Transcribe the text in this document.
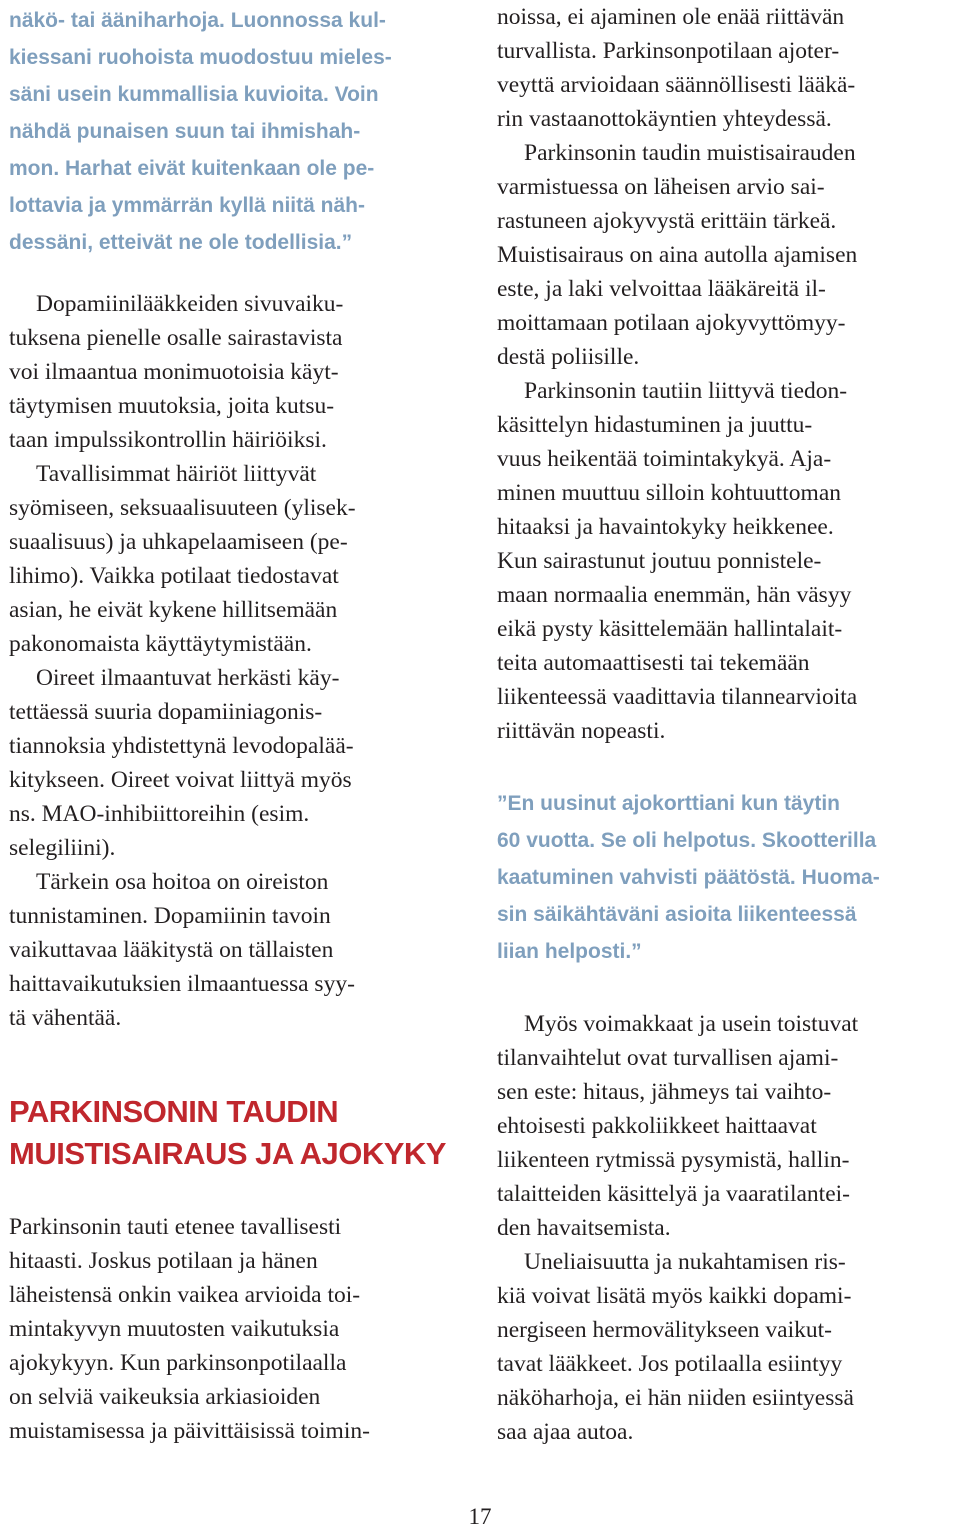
näkö- tai ääniharhoja. Luonnossa kul-
kiessani ruohoista muodostuu mieles-
säni usein kummallisia kuvioita. Voin
nähdä punaisen suun tai ihmishah-
mon. Harhat eivät kuitenkaan ole pe-
lottavia ja ymmärrän kyllä niitä näh-
dessäni, etteivät ne ole todellisia.”
Dopamiinilääkkeiden sivuvaiku-
tuksena pienelle osalle sairastavista
voi ilmaantua monimuotoisia käyt-
täytymisen muutoksia, joita kutsu-
taan impulssikontrollin häiriöiksi.
Tavallisimmat häiriöt liittyvät
syömiseen, seksuaalisuuteen (ylisek-
suaalisuus) ja uhkapelaamiseen (pe-
lihimo). Vaikka potilaat tiedostavat
asian, he eivät kykene hillitsemään
pakonomaista käyttäytymistään.
Oireet ilmaantuvat herkästi käy-
tettäessä suuria dopamiiniagonis-
tiannoksia yhdistettynä levodopalää-
kitykseen. Oireet voivat liittyä myös
ns. MAO-inhibiittoreihin (esim.
selegiliini).
Tärkein osa hoitoa on oireiston
tunnistaminen. Dopamiinin tavoin
vaikuttavaa lääkitystä on tällaisten
haittavaikutuksien ilmaantuessa syy-
tä vähentää.
PARKINSONIN TAUDIN
MUISTISAIRAUS JA AJOKYKY
Parkinsonin tauti etenee tavallisesti
hitaasti. Joskus potilaan ja hänen
läheistensä onkin vaikea arvioida toi-
mintakyvyn muutosten vaikutuksia
ajokykyyn. Kun parkinsonpotilaalla
on selviä vaikeuksia arkiasioiden
muistamisessa ja päivittäisissä toimin-
noissa, ei ajaminen ole enää riittävän
turvallista. Parkinsonpotilaan ajoter-
veyttä arvioidaan säännöllisesti lääkä-
rin vastaanottokäyntien yhteydessä.
Parkinsonin taudin muistisairauden
varmistuessa on läheisen arvio sai-
rastuneen ajokyvystä erittäin tärkeä.
Muistisairaus on aina autolla ajamisen
este, ja laki velvoittaa lääkäreitä il-
moittamaan potilaan ajokyvyttömyy-
destä poliisille.
Parkinsonin tautiin liittyvä tiedon-
käsittelyn hidastuminen ja juuttu-
vuus heikentää toimintakykyä. Aja-
minen muuttuu silloin kohtuuttoman
hitaaksi ja havaintokyky heikkenee.
Kun sairastunut joutuu ponnistele-
maan normaalia enemmän, hän väsyy
eikä pysty käsittelemään hallintalait-
teita automaattisesti tai tekemään
liikenteessä vaadittavia tilannearvioita
riittävän nopeasti.
”En uusinut ajokorttiani kun täytin
60 vuotta. Se oli helpotus. Skootterilla
kaatuminen vahvisti päätöstä. Huoma-
sin säikähtäväni asioita liikenteessä
liian helposti.”
Myös voimakkaat ja usein toistuvat
tilanvaihtelut ovat turvallisen ajami-
sen este: hitaus, jähmeys tai vaihto-
ehtoisesti pakkoliikkeet haittaavat
liikenteen rytmissä pysymistä, hallin-
talaitteiden käsittelyä ja vaaratilantei-
den havaitsemista.
Uneliaisuutta ja nukahtamisen ris-
kiä voivat lisätä myös kaikki dopami-
nergiseen hermovälitykseen vaikut-
tavat lääkkeet. Jos potilaalla esiintyy
näköharhoja, ei hän niiden esiintyessä
saa ajaa autoa.
17
